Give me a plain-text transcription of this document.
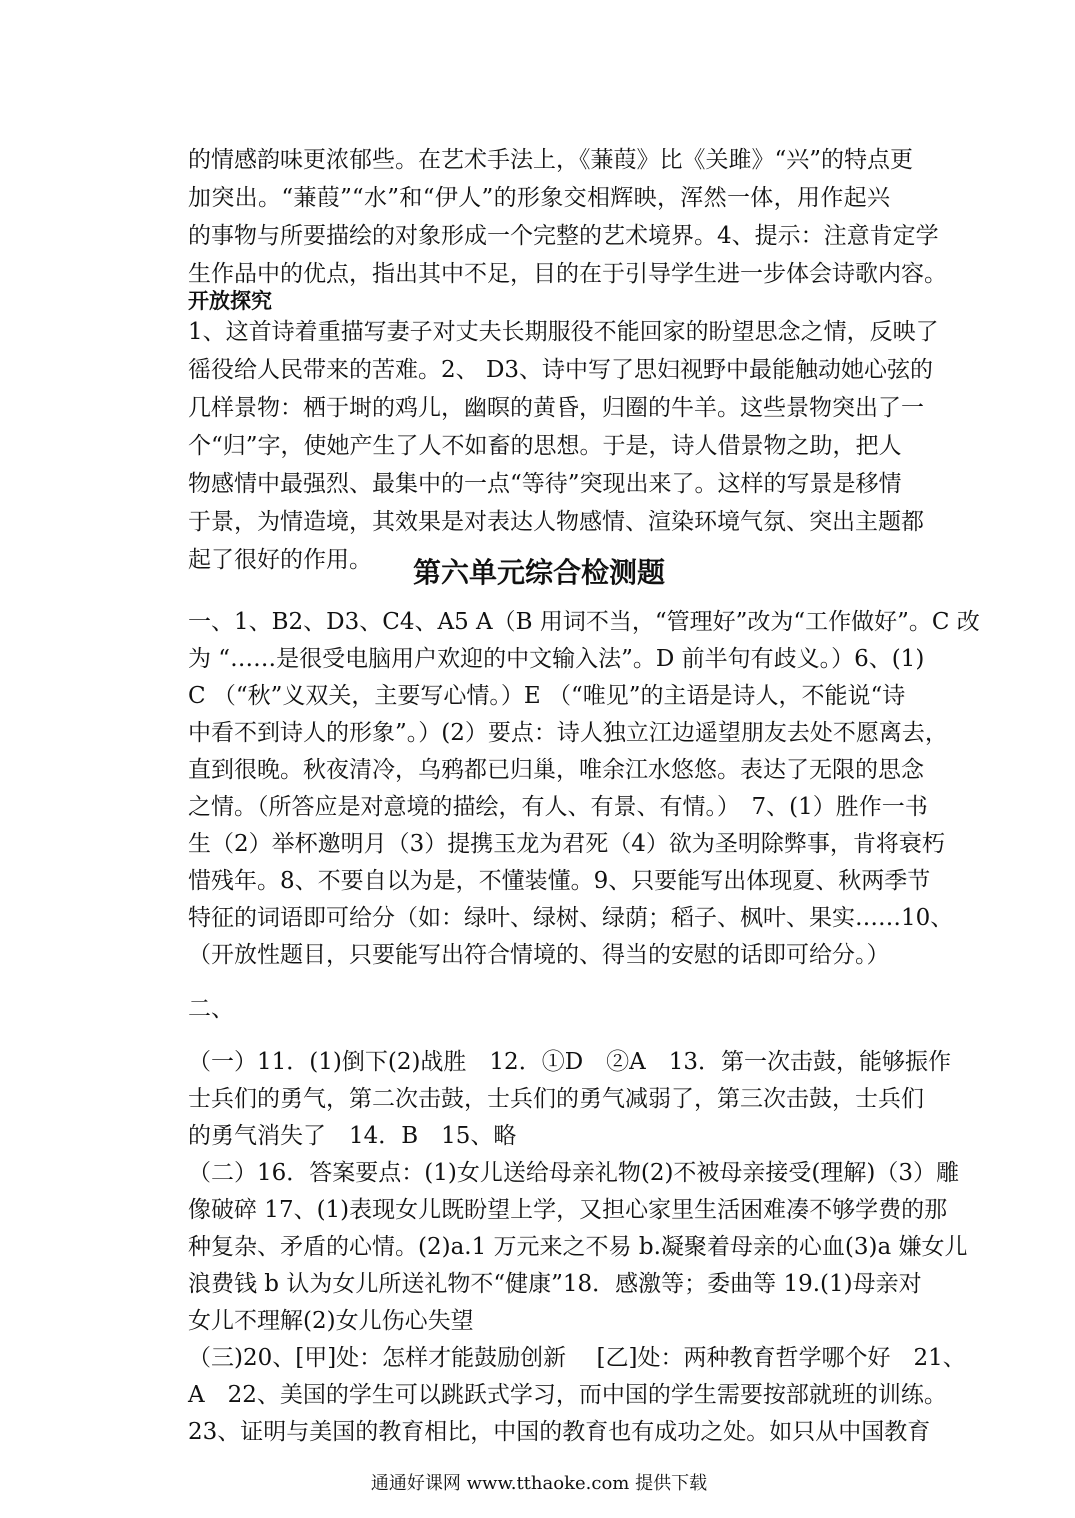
的情感韵味更浓郁些。在艺术手法上，《蒹葭》比《关雎》“兴”的特点更
加突出。“蒹葭”“水”和“伊人”的形象交相辉映，浑然一体，用作起兴
的事物与所要描绘的对象形成一个完整的艺术境界。4、提示：注意肯定学
生作品中的优点，指出其中不足，目的在于引导学生进一步体会诗歌内容。
开放探究
1、这首诗着重描写妻子对丈夫长期服役不能回家的盼望思念之情，反映了
徭役给人民带来的苦难。2、 D3、诗中写了思妇视野中最能触动她心弦的
几样景物：栖于埘的鸡儿，幽暝的黄昏，归圈的牛羊。这些景物突出了一
个“归”字，使她产生了人不如畜的思想。于是，诗人借景物之助，把人
物感情中最强烈、最集中的一点“等待”突现出来了。这样的写景是移情
于景，为情造境，其效果是对表达人物感情、渲染环境气氛、突出主题都
起了很好的作用。	第六单元综合检测题
一、1、B2、D3、C4、A5 A（B 用词不当，“管理好”改为“工作做好”。C 改
为 “……是很受电脑用户欢迎的中文输入法”。D 前半句有歧义。）6、(1)
C （“秋”义双关，主要写心情。）E （“唯见”的主语是诗人，不能说“诗
中看不到诗人的形象”。）(2）要点：诗人独立江边遥望朋友去处不愿离去，
直到很晚。秋夜清冷，乌鸦都已归巢，唯余江水悠悠。表达了无限的思念
之情。（所答应是对意境的描绘，有人、有景、有情。）　7、(1）胜作一书
生（2）举杯邀明月（3）提携玉龙为君死（4）欲为圣明除弊事，肯将衰朽
惜残年。8、不要自以为是，不懂装懂。9、只要能写出体现夏、秋两季节
特征的词语即可给分（如：绿叶、绿树、绿荫；稻子、枫叶、果实……10、
（开放性题目，只要能写出符合情境的、得当的安慰的话即可给分。）
二、
（一）11．(1)倒下(2)战胜　12．①D　②A　13．第一次击鼓，能够振作
士兵们的勇气，第二次击鼓，士兵们的勇气减弱了，第三次击鼓，士兵们
的勇气消失了　14．B　15、略
（二）16．答案要点：(1)女儿送给母亲礼物(2)不被母亲接受(理解)（3）雕
像破碎 17、(1)表现女儿既盼望上学，又担心家里生活困难凑不够学费的那
种复杂、矛盾的心情。(2)a.1 万元来之不易 b.凝聚着母亲的心血(3)a 嫌女儿
浪费钱 b 认为女儿所送礼物不“健康”18．感激等；委曲等 19.(1)母亲对
女儿不理解(2)女儿伤心失望
（三)20、[甲]处：怎样才能鼓励创新　 [乙]处：两种教育哲学哪个好　21、
A　22、美国的学生可以跳跃式学习，而中国的学生需要按部就班的训练。
23、证明与美国的教育相比，中国的教育也有成功之处。如只从中国教育
通通好课网 www.tthaoke.com 提供下载
